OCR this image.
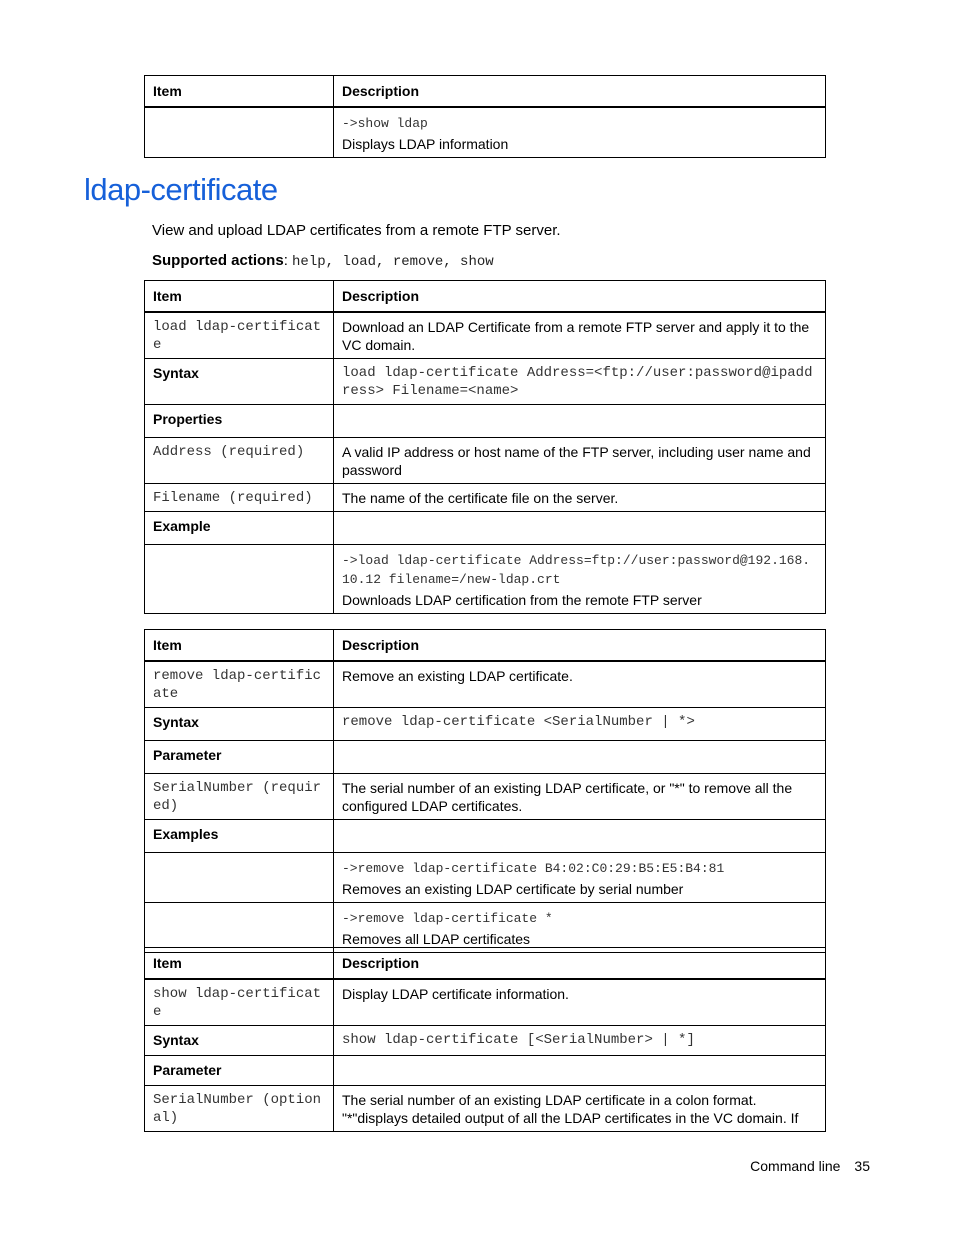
Item	Description
	->show ldap
Displays LDAP information
ldap-certificate

View and upload LDAP certificates from a remote FTP server.

Supported actions: help, load, remove, show

Item	Description
load ldap-certificate	Download an LDAP Certificate from a remote FTP server and apply it to the VC domain.
Syntax	load ldap-certificate Address=<ftp://user:password@ipaddress> Filename=<name>
Properties	
Address (required)	A valid IP address or host name of the FTP server, including user name and password
Filename (required)	The name of the certificate file on the server.
Example	
	->load ldap-certificate Address=ftp://user:password@192.168.10.12 filename=/new-ldap.crt
Downloads LDAP certification from the remote FTP server
Item	Description
remove ldap-certificate	Remove an existing LDAP certificate.
Syntax	remove ldap-certificate <SerialNumber | *>
Parameter	
SerialNumber (required)	The serial number of an existing LDAP certificate, or "*" to remove all the configured LDAP certificates.
Examples	
	->remove ldap-certificate B4:02:C0:29:B5:E5:B4:81
Removes an existing LDAP certificate by serial number

	->remove ldap-certificate *
Removes all LDAP certificates
Item	Description
show ldap-certificate	Display LDAP certificate information.
Syntax	show ldap-certificate [<SerialNumber> | *]
Parameter	
SerialNumber (optional)	The serial number of an existing LDAP certificate in a colon format.
"*"displays detailed output of all the LDAP certificates in the VC domain. If
Command line 35
